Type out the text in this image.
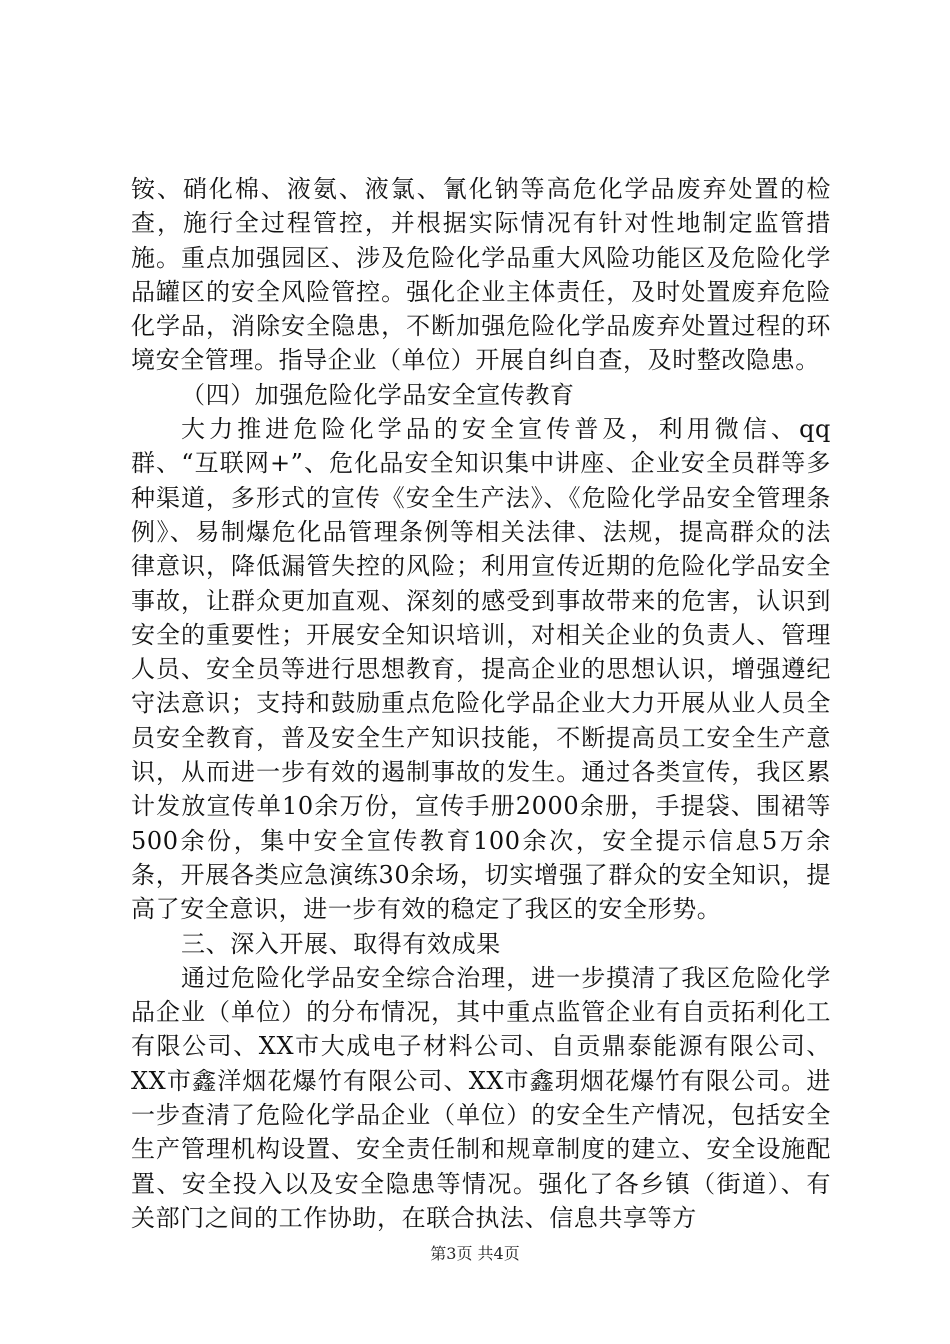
铵、硝化棉、液氨、液氯、氰化钠等高危化学品废弃处置的检查，施行全过程管控，并根据实际情况有针对性地制定监管措施。重点加强园区、涉及危险化学品重大风险功能区及危险化学品罐区的安全风险管控。强化企业主体责任，及时处置废弃危险化学品，消除安全隐患，不断加强危险化学品废弃处置过程的环境安全管理。指导企业（单位）开展自纠自查，及时整改隐患。

（四）加强危险化学品安全宣传教育

大力推进危险化学品的安全宣传普及，利用微信、qq群、“互联网+”、危化品安全知识集中讲座、企业安全员群等多种渠道，多形式的宣传《安全生产法》、《危险化学品安全管理条例》、易制爆危化品管理条例等相关法律、法规，提高群众的法律意识，降低漏管失控的风险；利用宣传近期的危险化学品安全事故，让群众更加直观、深刻的感受到事故带来的危害，认识到安全的重要性；开展安全知识培训，对相关企业的负责人、管理人员、安全员等进行思想教育，提高企业的思想认识，增强遵纪守法意识；支持和鼓励重点危险化学品企业大力开展从业人员全员安全教育，普及安全生产知识技能，不断提高员工安全生产意识，从而进一步有效的遏制事故的发生。通过各类宣传，我区累计发放宣传单10余万份，宣传手册2000余册，手提袋、围裙等500余份，集中安全宣传教育100余次，安全提示信息5万余条，开展各类应急演练30余场，切实增强了群众的安全知识，提高了安全意识，进一步有效的稳定了我区的安全形势。

三、深入开展、取得有效成果

通过危险化学品安全综合治理，进一步摸清了我区危险化学品企业（单位）的分布情况，其中重点监管企业有自贡拓利化工有限公司、XX市大成电子材料公司、自贡鼎泰能源有限公司、XX市鑫洋烟花爆竹有限公司、XX市鑫玥烟花爆竹有限公司。进一步查清了危险化学品企业（单位）的安全生产情况，包括安全生产管理机构设置、安全责任制和规章制度的建立、安全设施配置、安全投入以及安全隐患等情况。强化了各乡镇（街道）、有关部门之间的工作协助，在联合执法、信息共享等方

第3页 共4页
